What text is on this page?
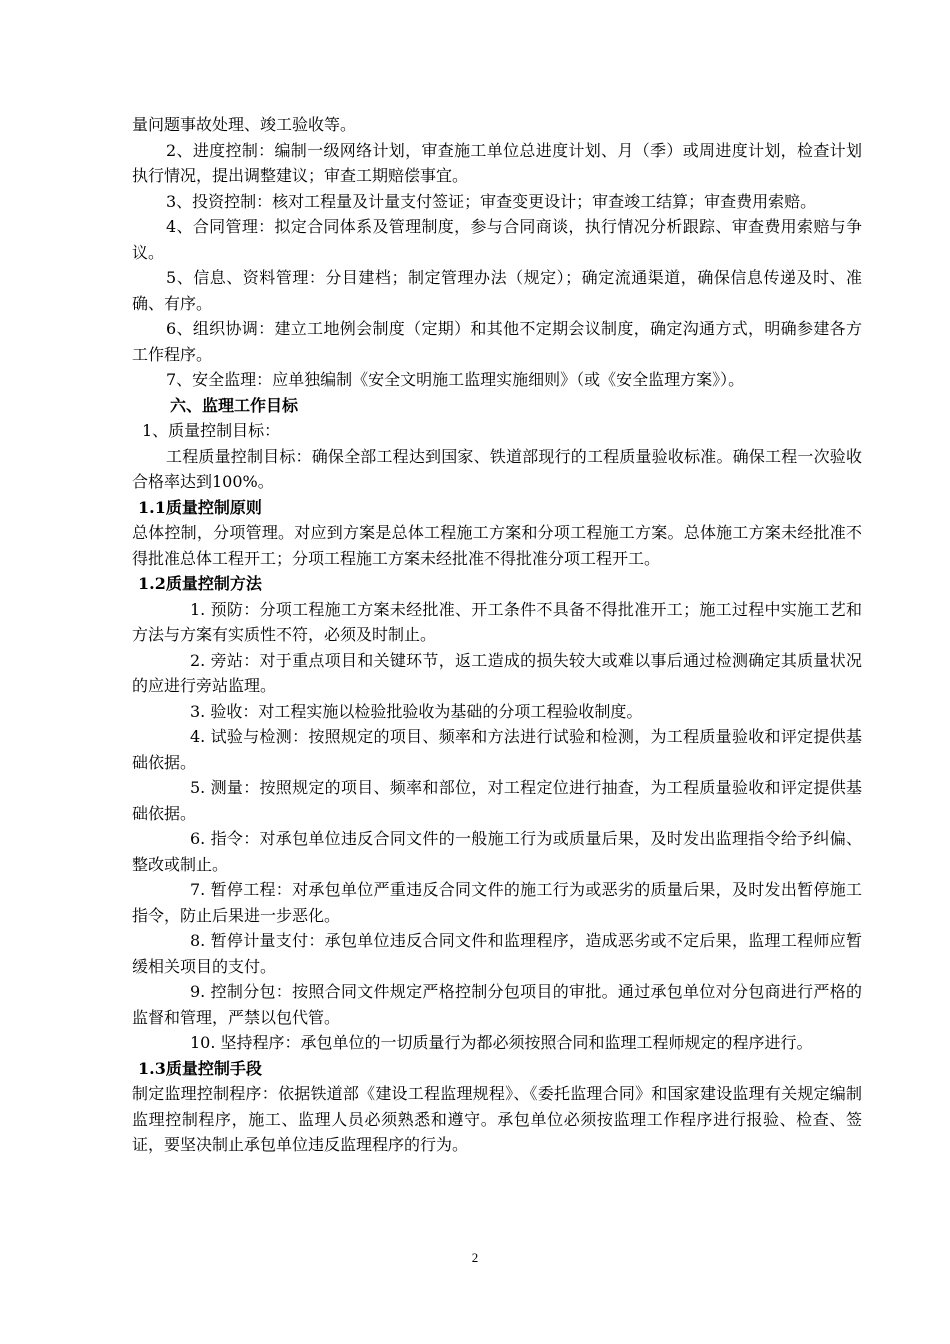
量问题事故处理、竣工验收等。

2、进度控制：编制一级网络计划，审查施工单位总进度计划、月（季）或周进度计划，检查计划执行情况，提出调整建议；审查工期赔偿事宜。

3、投资控制：核对工程量及计量支付签证；审查变更设计；审查竣工结算；审查费用索赔。

4、合同管理：拟定合同体系及管理制度，参与合同商谈，执行情况分析跟踪、审查费用索赔与争议。

5、信息、资料管理：分目建档；制定管理办法（规定）；确定流通渠道，确保信息传递及时、准确、有序。

6、组织协调：建立工地例会制度（定期）和其他不定期会议制度，确定沟通方式，明确参建各方工作程序。

7、安全监理：应单独编制《安全文明施工监理实施细则》（或《安全监理方案》）。

六、监理工作目标

1、质量控制目标：

工程质量控制目标：确保全部工程达到国家、铁道部现行的工程质量验收标准。确保工程一次验收合格率达到100%。

1.1质量控制原则

总体控制，分项管理。对应到方案是总体工程施工方案和分项工程施工方案。总体施工方案未经批准不得批准总体工程开工；分项工程施工方案未经批准不得批准分项工程开工。

1.2质量控制方法

1. 预防：分项工程施工方案未经批准、开工条件不具备不得批准开工；施工过程中实施工艺和方法与方案有实质性不符，必须及时制止。

2. 旁站：对于重点项目和关键环节，返工造成的损失较大或难以事后通过检测确定其质量状况的应进行旁站监理。

3. 验收：对工程实施以检验批验收为基础的分项工程验收制度。

4. 试验与检测：按照规定的项目、频率和方法进行试验和检测，为工程质量验收和评定提供基础依据。

5. 测量：按照规定的项目、频率和部位，对工程定位进行抽查，为工程质量验收和评定提供基础依据。

6. 指令：对承包单位违反合同文件的一般施工行为或质量后果，及时发出监理指令给予纠偏、整改或制止。

7. 暂停工程：对承包单位严重违反合同文件的施工行为或恶劣的质量后果，及时发出暂停施工指令，防止后果进一步恶化。

8. 暂停计量支付：承包单位违反合同文件和监理程序，造成恶劣或不定后果，监理工程师应暂缓相关项目的支付。

9. 控制分包：按照合同文件规定严格控制分包项目的审批。通过承包单位对分包商进行严格的监督和管理，严禁以包代管。

10. 坚持程序：承包单位的一切质量行为都必须按照合同和监理工程师规定的程序进行。

1.3质量控制手段

制定监理控制程序：依据铁道部《建设工程监理规程》、《委托监理合同》和国家建设监理有关规定编制监理控制程序，施工、监理人员必须熟悉和遵守。承包单位必须按监理工作程序进行报验、检查、签证，要坚决制止承包单位违反监理程序的行为。

2
